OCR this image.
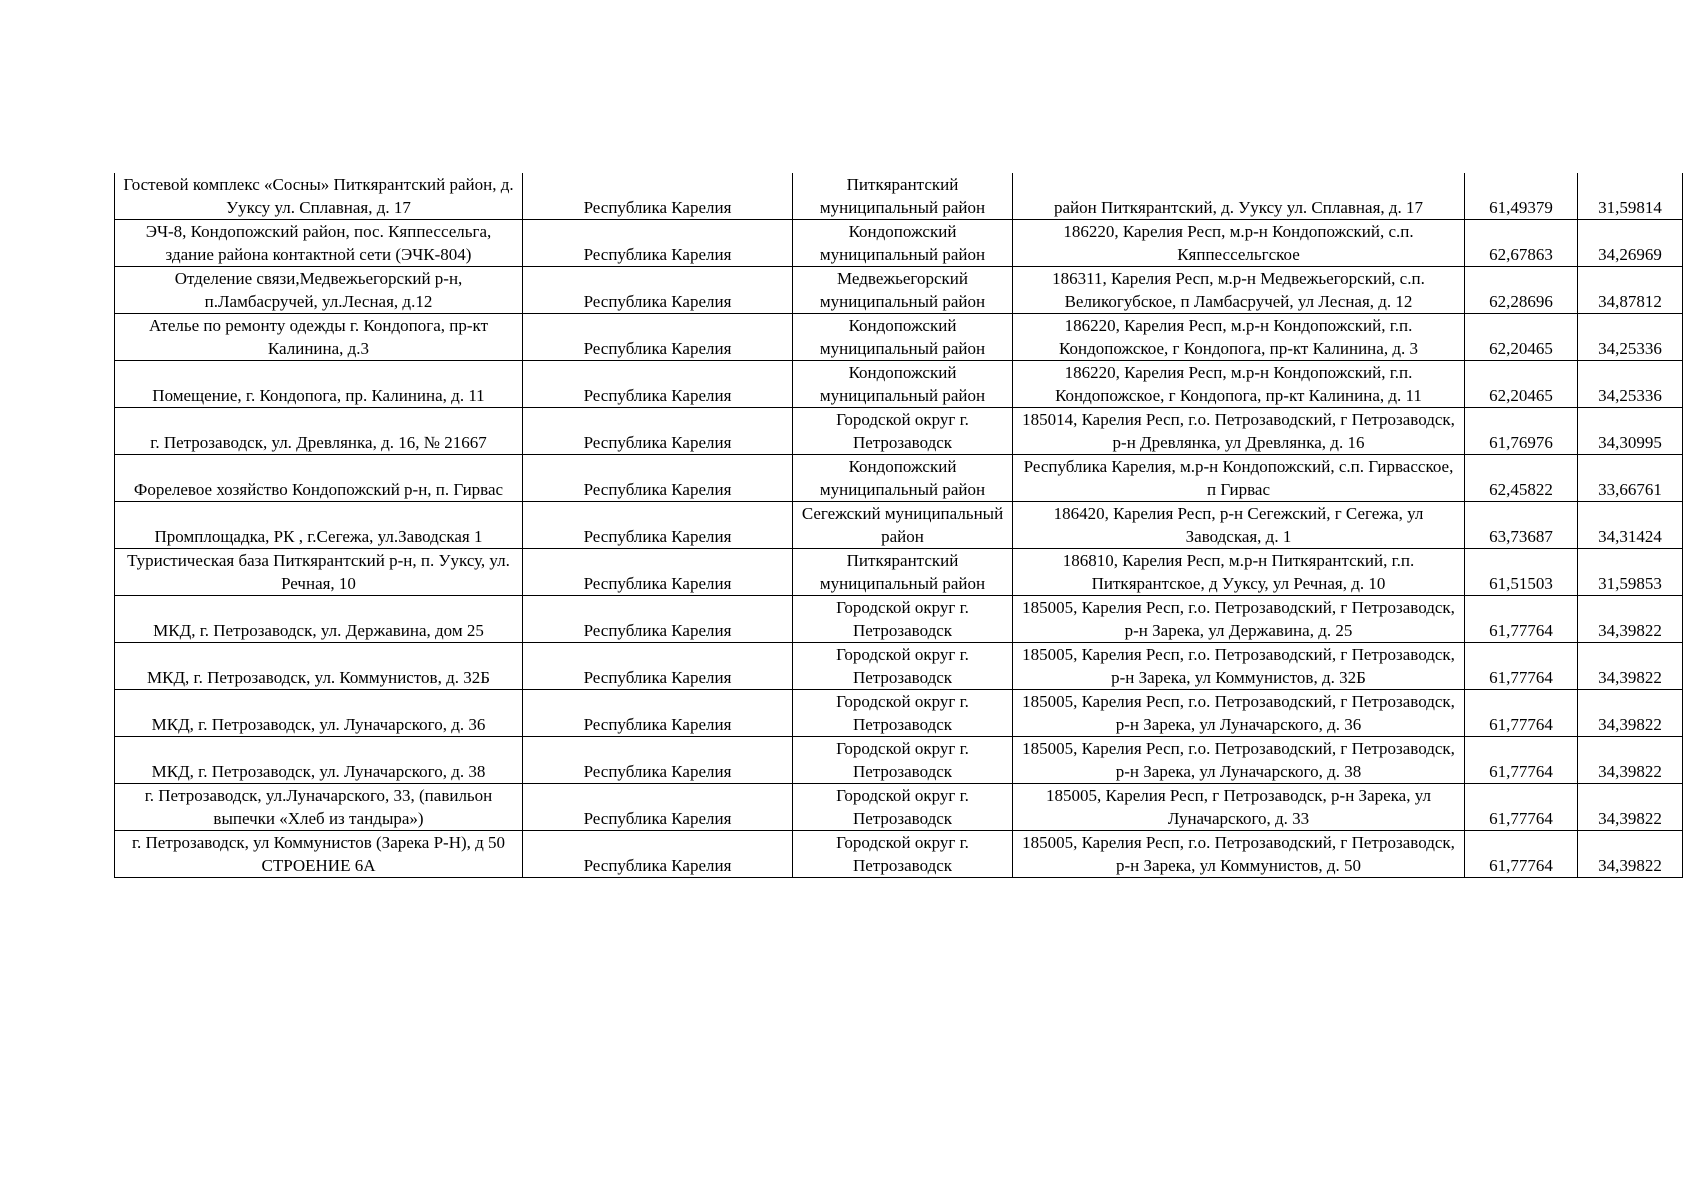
Гостевой комплекс «Сосны» Питкярантский район, д. Ууксу ул. Сплавная, д. 17	Республика Карелия	Питкярантский муниципальный район	район Питкярантский, д. Ууксу ул. Сплавная, д. 17	61,49379	31,59814
ЭЧ-8, Кондопожский район, пос. Кяппессельга, здание района контактной сети (ЭЧК-804)	Республика Карелия	Кондопожский муниципальный район	186220, Карелия Респ, м.р-н Кондопожский, с.п. Кяппессельгское	62,67863	34,26969
Отделение связи,Медвежьегорский р-н, п.Ламбасручей, ул.Лесная, д.12	Республика Карелия	Медвежьегорский муниципальный район	186311, Карелия Респ, м.р-н Медвежьегорский, с.п. Великогубское, п Ламбасручей, ул Лесная, д. 12	62,28696	34,87812
Ателье по ремонту одежды г. Кондопога, пр-кт Калинина, д.3	Республика Карелия	Кондопожский муниципальный район	186220, Карелия Респ, м.р-н Кондопожский, г.п. Кондопожское, г Кондопога, пр-кт Калинина, д. 3	62,20465	34,25336
Помещение, г. Кондопога, пр. Калинина, д. 11	Республика Карелия	Кондопожский муниципальный район	186220, Карелия Респ, м.р-н Кондопожский, г.п. Кондопожское, г Кондопога, пр-кт Калинина, д. 11	62,20465	34,25336
г. Петрозаводск, ул. Древлянка, д. 16, № 21667	Республика Карелия	Городской округ г. Петрозаводск	185014, Карелия Респ, г.о. Петрозаводский, г Петрозаводск, р-н Древлянка, ул Древлянка, д. 16	61,76976	34,30995
Форелевое хозяйство Кондопожский р-н, п. Гирвас	Республика Карелия	Кондопожский муниципальный район	Республика Карелия, м.р-н Кондопожский, с.п. Гирвасское, п Гирвас	62,45822	33,66761
Промплощадка, РК , г.Сегежа, ул.Заводская 1	Республика Карелия	Сегежский муниципальный район	186420, Карелия Респ, р-н Сегежский, г Сегежа, ул Заводская, д. 1	63,73687	34,31424
Туристическая база Питкярантский р-н, п. Ууксу, ул. Речная, 10	Республика Карелия	Питкярантский муниципальный район	186810, Карелия Респ, м.р-н Питкярантский, г.п. Питкярантское, д Ууксу, ул Речная, д. 10	61,51503	31,59853
МКД, г. Петрозаводск, ул. Державина, дом 25	Республика Карелия	Городской округ г. Петрозаводск	185005, Карелия Респ, г.о. Петрозаводский, г Петрозаводск, р-н Зарека, ул Державина, д. 25	61,77764	34,39822
МКД, г. Петрозаводск, ул. Коммунистов, д. 32Б	Республика Карелия	Городской округ г. Петрозаводск	185005, Карелия Респ, г.о. Петрозаводский, г Петрозаводск, р-н Зарека, ул Коммунистов, д. 32Б	61,77764	34,39822
МКД, г. Петрозаводск, ул. Луначарского, д. 36	Республика Карелия	Городской округ г. Петрозаводск	185005, Карелия Респ, г.о. Петрозаводский, г Петрозаводск, р-н Зарека, ул Луначарского, д. 36	61,77764	34,39822
МКД, г. Петрозаводск, ул. Луначарского, д. 38	Республика Карелия	Городской округ г. Петрозаводск	185005, Карелия Респ, г.о. Петрозаводский, г Петрозаводск, р-н Зарека, ул Луначарского, д. 38	61,77764	34,39822
г. Петрозаводск, ул.Луначарского, 33, (павильон выпечки «Хлеб из тандыра»)	Республика Карелия	Городской округ г. Петрозаводск	185005, Карелия Респ, г Петрозаводск, р-н Зарека, ул Луначарского, д. 33	61,77764	34,39822
г. Петрозаводск, ул Коммунистов (Зарека Р-Н), д 50 СТРОЕНИЕ 6А	Республика Карелия	Городской округ г. Петрозаводск	185005, Карелия Респ, г.о. Петрозаводский, г Петрозаводск, р-н Зарека, ул Коммунистов, д. 50	61,77764	34,39822
